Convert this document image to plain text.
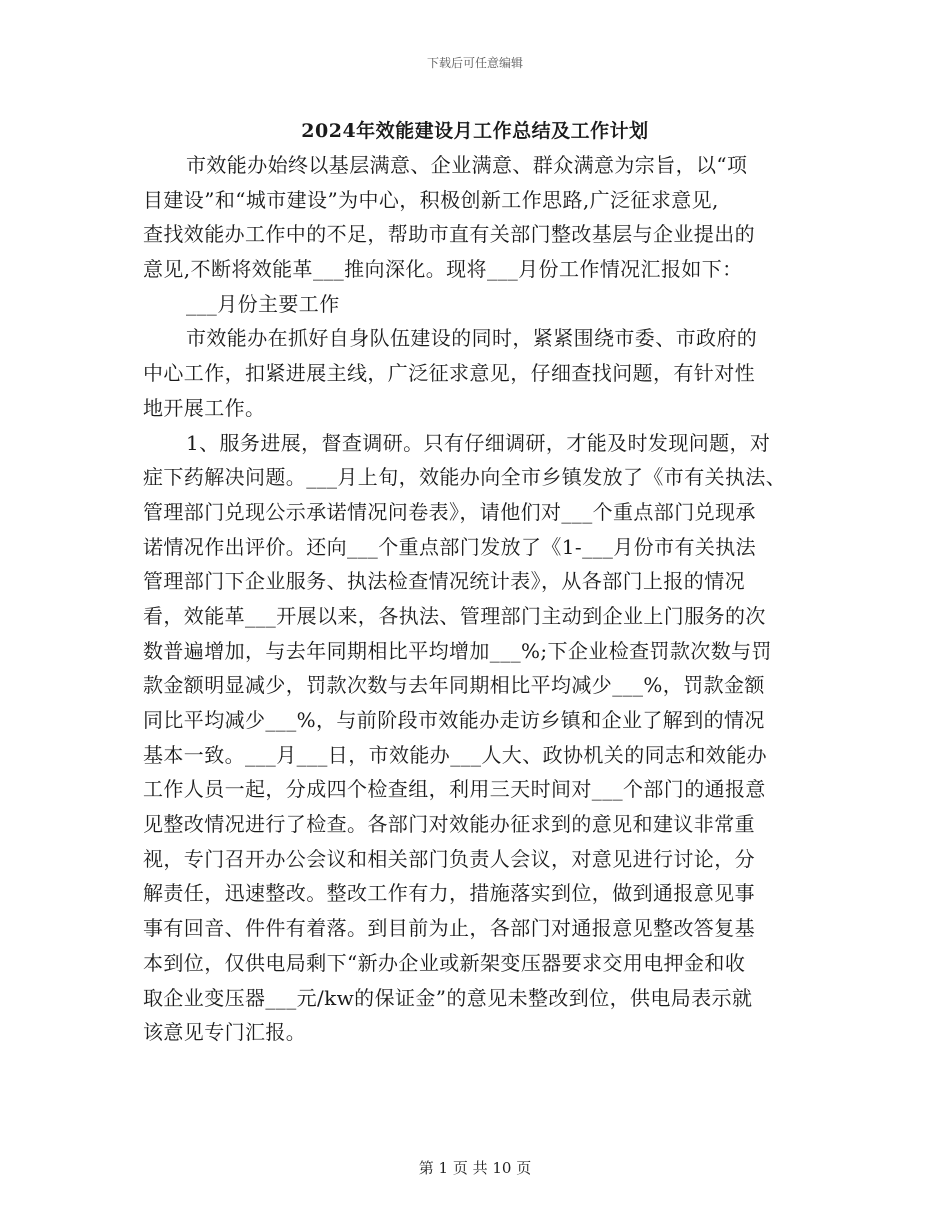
下载后可任意编辑
2024年效能建设月工作总结及工作计划
市效能办始终以基层满意、企业满意、群众满意为宗旨，以“项
目建设”和“城市建设”为中心，积极创新工作思路,广泛征求意见,
查找效能办工作中的不足，帮助市直有关部门整改基层与企业提出的
意见,不断将效能革___推向深化。现将___月份工作情况汇报如下：
___月份主要工作
市效能办在抓好自身队伍建设的同时，紧紧围绕市委、市政府的
中心工作，扣紧进展主线，广泛征求意见，仔细查找问题，有针对性
地开展工作。
1、服务进展，督查调研。只有仔细调研，才能及时发现问题，对
症下药解决问题。___月上旬，效能办向全市乡镇发放了《市有关执法、
管理部门兑现公示承诺情况问卷表》，请他们对___个重点部门兑现承
诺情况作出评价。还向___个重点部门发放了《1-___月份市有关执法
管理部门下企业服务、执法检查情况统计表》，从各部门上报的情况
看，效能革___开展以来，各执法、管理部门主动到企业上门服务的次
数普遍增加，与去年同期相比平均增加___%;下企业检查罚款次数与罚
款金额明显减少，罚款次数与去年同期相比平均减少___%，罚款金额
同比平均减少___%，与前阶段市效能办走访乡镇和企业了解到的情况
基本一致。___月___日，市效能办___人大、政协机关的同志和效能办
工作人员一起，分成四个检查组，利用三天时间对___个部门的通报意
见整改情况进行了检查。各部门对效能办征求到的意见和建议非常重
视，专门召开办公会议和相关部门负责人会议，对意见进行讨论，分
解责任，迅速整改。整改工作有力，措施落实到位，做到通报意见事
事有回音、件件有着落。到目前为止，各部门对通报意见整改答复基
本到位，仅供电局剩下“新办企业或新架变压器要求交用电押金和收
取企业变压器___元/kw的保证金”的意见未整改到位，供电局表示就
该意见专门汇报。
第 1 页 共 10 页
